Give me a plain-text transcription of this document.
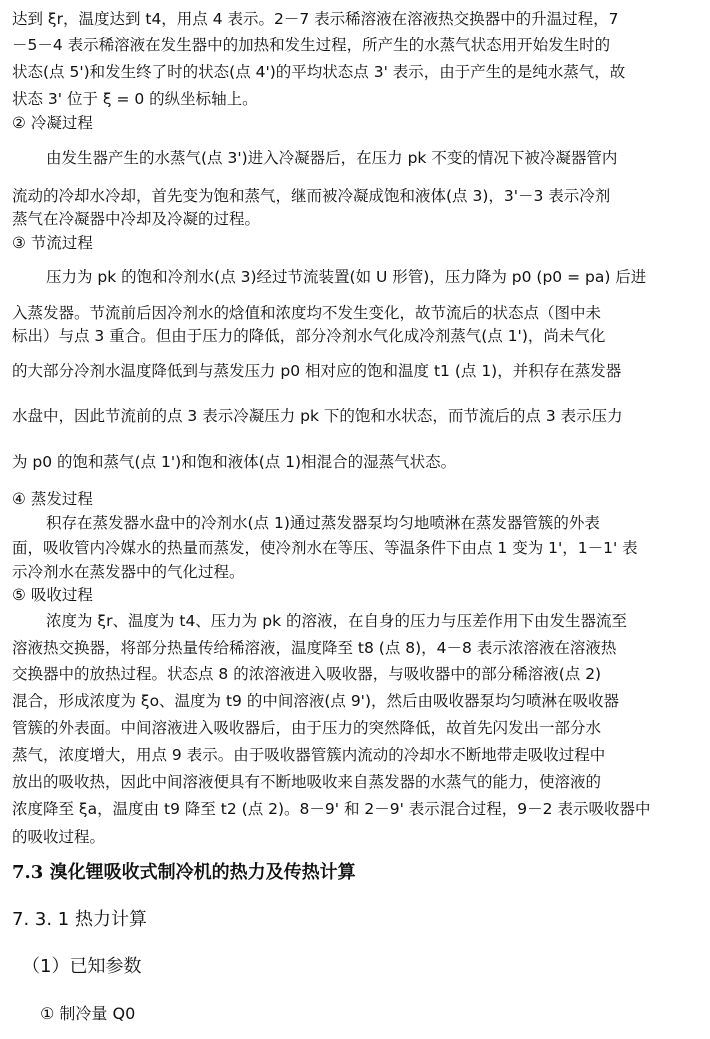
达到 ξr，温度达到 t4，用点 4 表示。2－7 表示稀溶液在溶液热交换器中的升温过程，7
－5－4 表示稀溶液在发生器中的加热和发生过程，所产生的水蒸气状态用开始发生时的
状态(点 5')和发生终了时的状态(点 4')的平均状态点 3' 表示，由于产生的是纯水蒸气，故
状态 3' 位于 ξ = 0 的纵坐标轴上。
② 冷凝过程
由发生器产生的水蒸气(点 3')进入冷凝器后，在压力 pk 不变的情况下被冷凝器管内
流动的冷却水冷却，首先变为饱和蒸气，继而被冷凝成饱和液体(点 3)，3'－3 表示冷剂
蒸气在冷凝器中冷却及冷凝的过程。
③ 节流过程
压力为 pk 的饱和冷剂水(点 3)经过节流装置(如 U 形管)，压力降为 p0 (p0 = pa) 后进
入蒸发器。节流前后因冷剂水的焓值和浓度均不发生变化，故节流后的状态点（图中未
标出）与点 3 重合。但由于压力的降低，部分冷剂水气化成冷剂蒸气(点 1')，尚未气化
的大部分冷剂水温度降低到与蒸发压力 p0 相对应的饱和温度 t1 (点 1)，并积存在蒸发器
水盘中，因此节流前的点 3 表示冷凝压力 pk 下的饱和水状态，而节流后的点 3 表示压力
为 p0 的饱和蒸气(点 1')和饱和液体(点 1)相混合的湿蒸气状态。
④ 蒸发过程
积存在蒸发器水盘中的冷剂水(点 1)通过蒸发器泵均匀地喷淋在蒸发器管簇的外表
面，吸收管内冷媒水的热量而蒸发，使冷剂水在等压、等温条件下由点 1 变为 1'，1－1' 表
示冷剂水在蒸发器中的气化过程。
⑤ 吸收过程
浓度为 ξr、温度为 t4、压力为 pk 的溶液，在自身的压力与压差作用下由发生器流至
溶液热交换器，将部分热量传给稀溶液，温度降至 t8 (点 8)，4－8 表示浓溶液在溶液热
交换器中的放热过程。状态点 8 的浓溶液进入吸收器，与吸收器中的部分稀溶液(点 2)
混合，形成浓度为 ξo、温度为 t9 的中间溶液(点 9')，然后由吸收器泵均匀喷淋在吸收器
管簇的外表面。中间溶液进入吸收器后，由于压力的突然降低，故首先闪发出一部分水
蒸气，浓度增大，用点 9 表示。由于吸收器管簇内流动的冷却水不断地带走吸收过程中
放出的吸收热，因此中间溶液便具有不断地吸收来自蒸发器的水蒸气的能力，使溶液的
浓度降至 ξa，温度由 t9 降至 t2 (点 2)。8－9' 和 2－9' 表示混合过程，9－2 表示吸收器中
的吸收过程。
7.3 溴化锂吸收式制冷机的热力及传热计算
7. 3. 1 热力计算
（1）已知参数
① 制冷量 Q0
